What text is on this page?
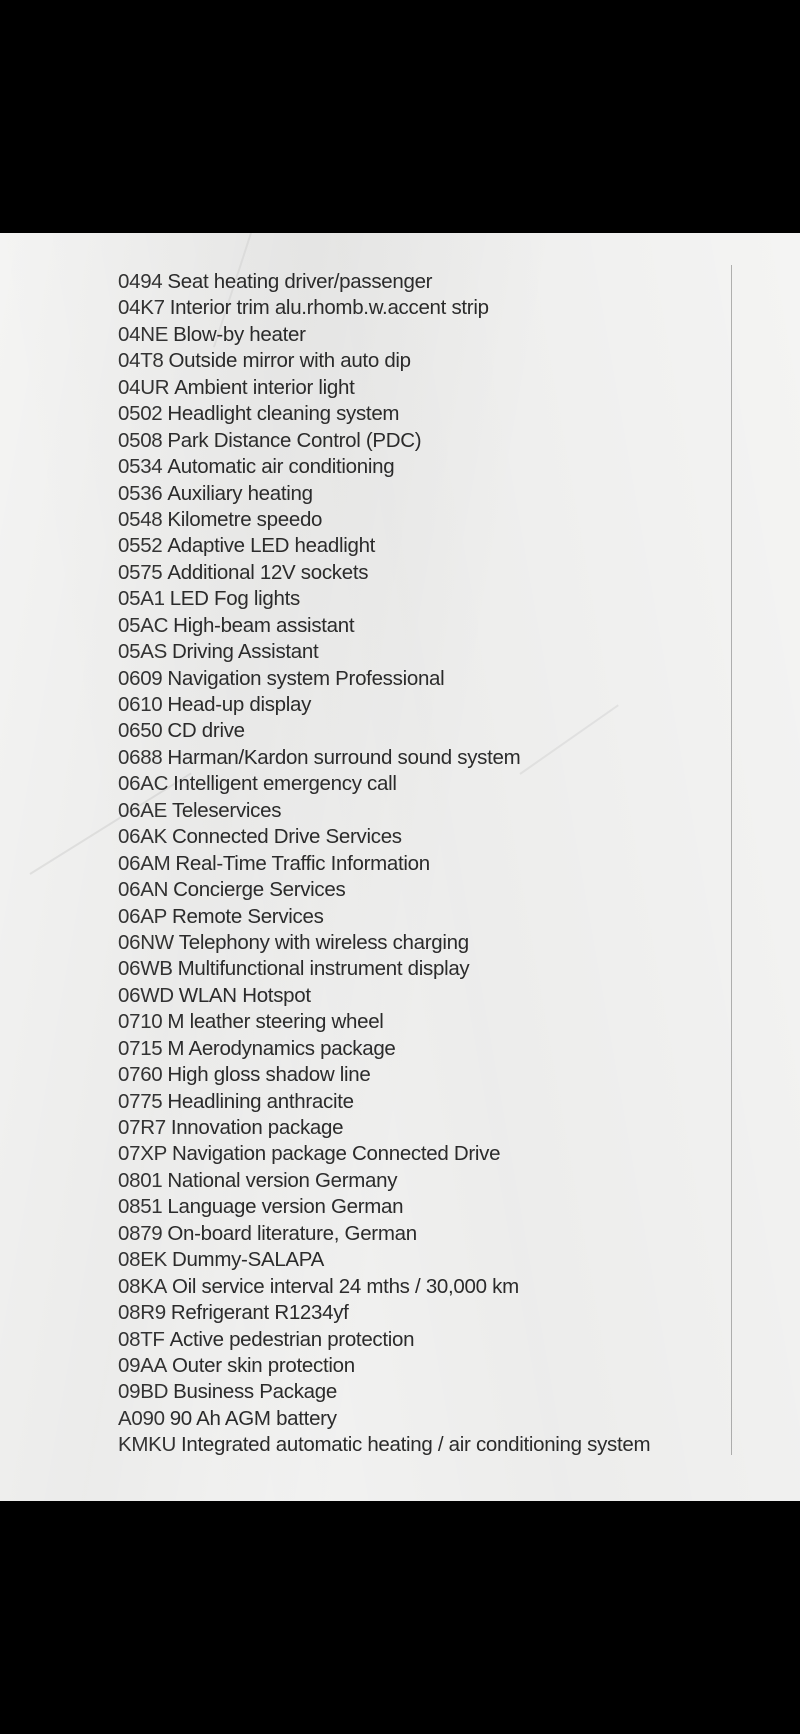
0494 Seat heating driver/passenger
04K7 Interior trim alu.rhomb.w.accent strip
04NE Blow-by heater
04T8 Outside mirror with auto dip
04UR Ambient interior light
0502 Headlight cleaning system
0508 Park Distance Control (PDC)
0534 Automatic air conditioning
0536 Auxiliary heating
0548 Kilometre speedo
0552 Adaptive LED headlight
0575 Additional 12V sockets
05A1 LED Fog lights
05AC High-beam assistant
05AS Driving Assistant
0609 Navigation system Professional
0610 Head-up display
0650 CD drive
0688 Harman/Kardon surround sound system
06AC Intelligent emergency call
06AE Teleservices
06AK Connected Drive Services
06AM Real-Time Traffic Information
06AN Concierge Services
06AP Remote Services
06NW Telephony with wireless charging
06WB Multifunctional instrument display
06WD WLAN Hotspot
0710 M leather steering wheel
0715 M Aerodynamics package
0760 High gloss shadow line
0775 Headlining anthracite
07R7 Innovation package
07XP Navigation package Connected Drive
0801 National version Germany
0851 Language version German
0879 On-board literature, German
08EK Dummy-SALAPA
08KA Oil service interval 24 mths / 30,000 km
08R9 Refrigerant R1234yf
08TF Active pedestrian protection
09AA Outer skin protection
09BD Business Package
A090 90 Ah AGM battery
KMKU Integrated automatic heating / air conditioning system
